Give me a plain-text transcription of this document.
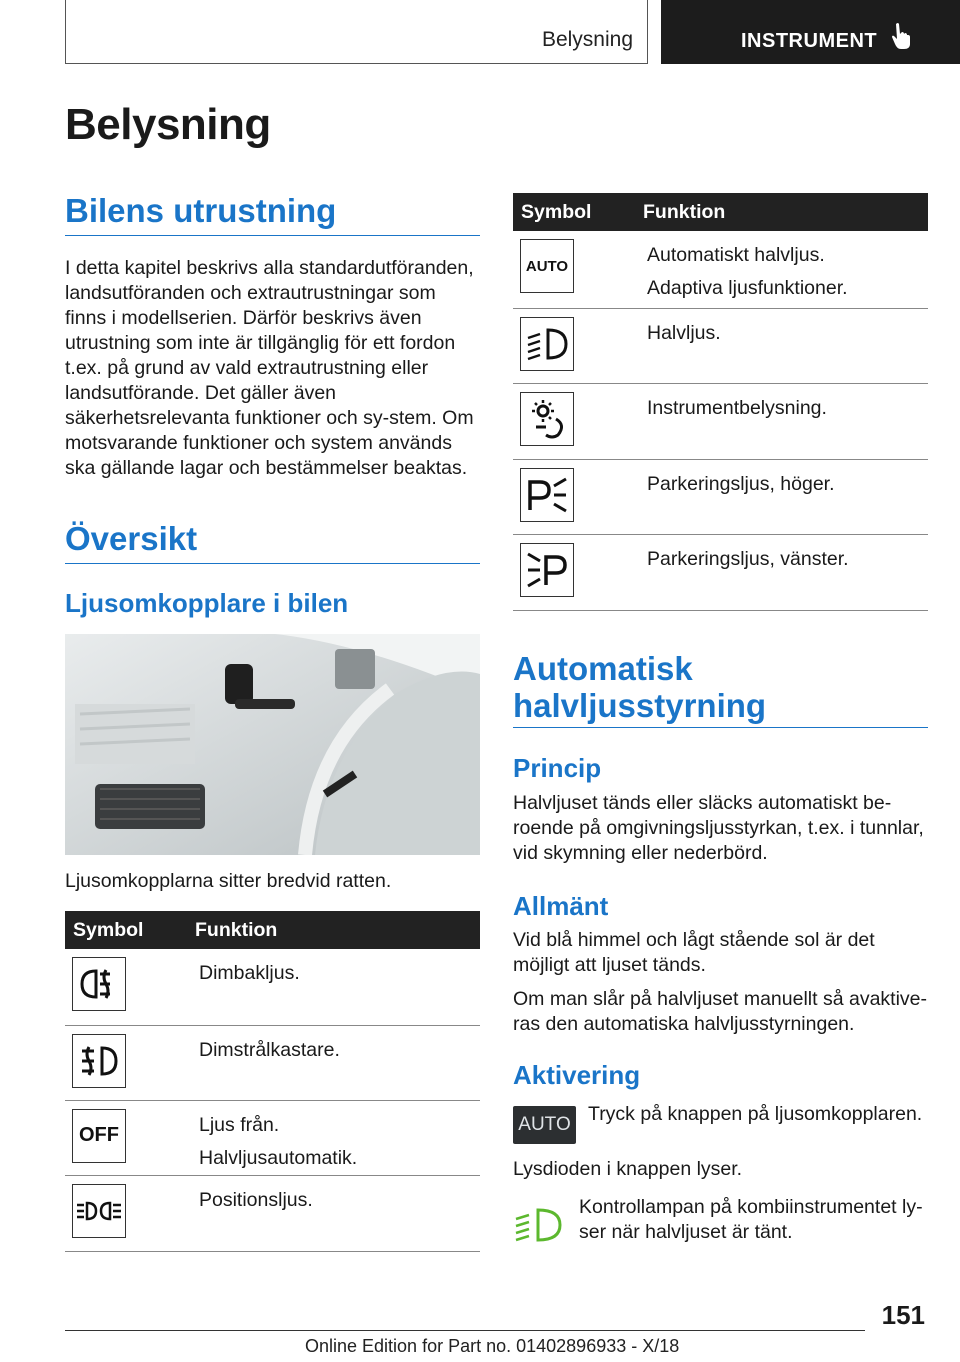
Belysning	INSTRUMENT
Belysning
Bilens utrustning

I detta kapitel beskrivs alla standardutföranden, landsutföranden och extrautrustningar som finns i modellserien. Därför beskrivs även utrustning som inte är tillgänglig för ett fordon t.ex. på grund av vald extrautrustning eller landsutförande. Det gäller även säkerhetsrelevanta funktioner och sy-stem. Om motsvarande funktioner och system används ska gällande lagar och bestämmelser beaktas.

Översikt
Ljusomkopplare i bilen

Ljusomkopplarna sitter bredvid ratten.

Symbol	Funktion

Dimbakljus.

Dimstrålkastare.

OFF	Ljus från.
Halvljusautomatik.

Positionsljus.
Symbol	Funktion

AUTO	Automatiskt halvljus.
Adaptiva ljusfunktioner.

Halvljus.

Instrumentbelysning.

Parkeringsljus, höger.

Parkeringsljus, vänster.
Automatisk
halvljusstyrning
Princip

Halvljuset tänds eller släcks automatiskt be-roende på omgivningsljusstyrkan, t.ex. i tunnlar, vid skymning eller nederbörd.

Allmänt

Vid blå himmel och lågt stående sol är det möjligt att ljuset tänds.

Om man slår på halvljuset manuellt så avaktive-ras den automatiska halvljusstyrningen.

Aktivering
AUTO Tryck på knappen på ljusomkopplaren.

Lysdioden i knappen lyser.

Kontrollampan på kombiinstrumentet ly-ser när halvljuset är tänt.

151
Online Edition for Part no. 01402896933 - X/18
